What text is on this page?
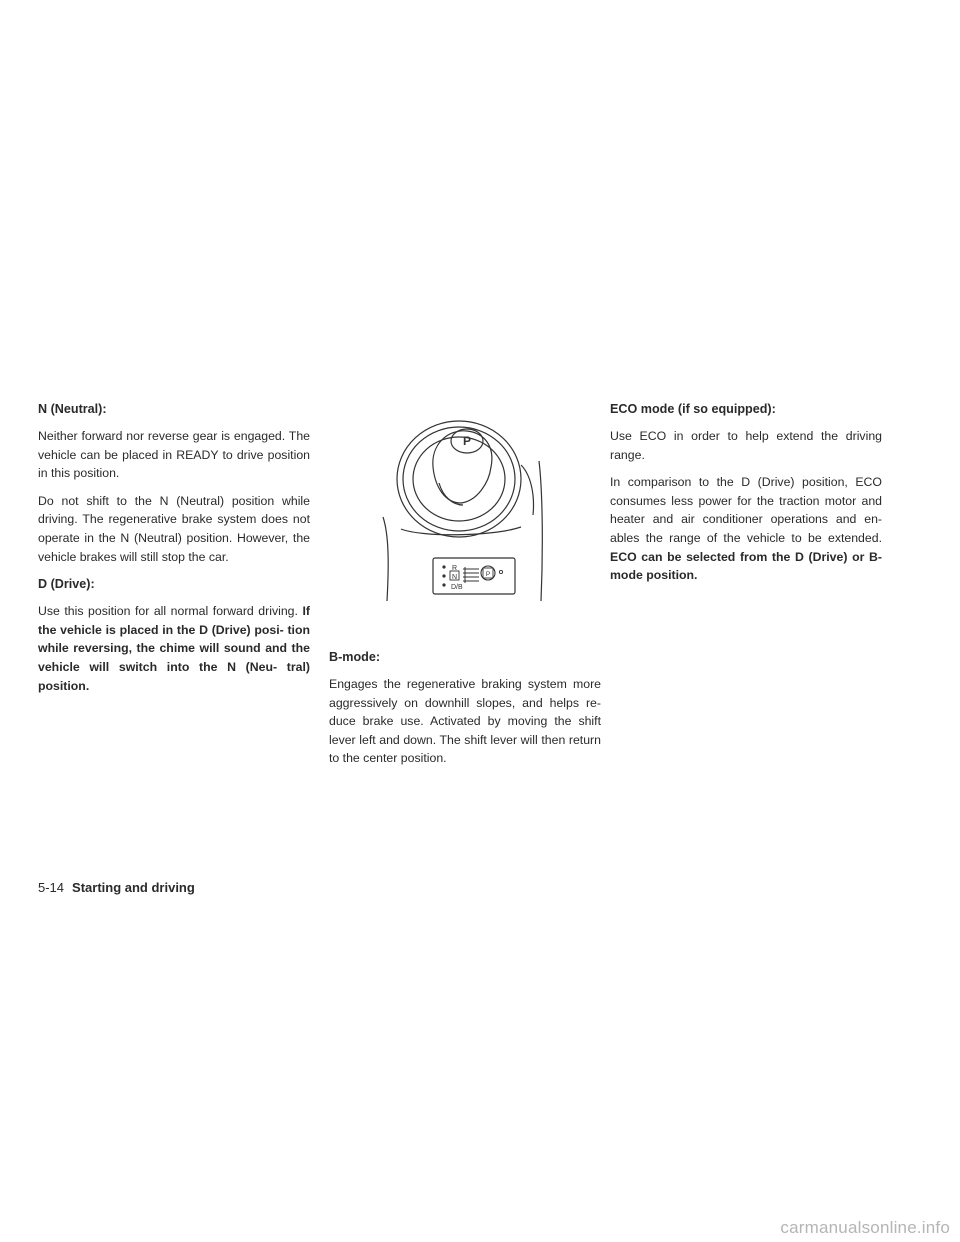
N (Neutral):

Neither forward nor reverse gear is engaged. The vehicle can be placed in READY to drive position in this position.

Do not shift to the N (Neutral) position while driving. The regenerative brake system does not operate in the N (Neutral) position. However, the vehicle brakes will still stop the car.

D (Drive):

Use this position for all normal forward driving. If the vehicle is placed in the D (Drive) posi- tion while reversing, the chime will sound and the vehicle will switch into the N (Neu- tral) position.

P
R
N
D/B
P
B-mode:

Engages the regenerative braking system more aggressively on downhill slopes, and helps re- duce brake use. Activated by moving the shift lever left and down. The shift lever will then return to the center position.

ECO mode (if so equipped):

Use ECO in order to help extend the driving range.

In comparison to the D (Drive) position, ECO consumes less power for the traction motor and heater and air conditioner operations and en- ables the range of the vehicle to be extended. ECO can be selected from the D (Drive) or B-mode position.

5-14 Starting and driving
carmanualsonline.info
